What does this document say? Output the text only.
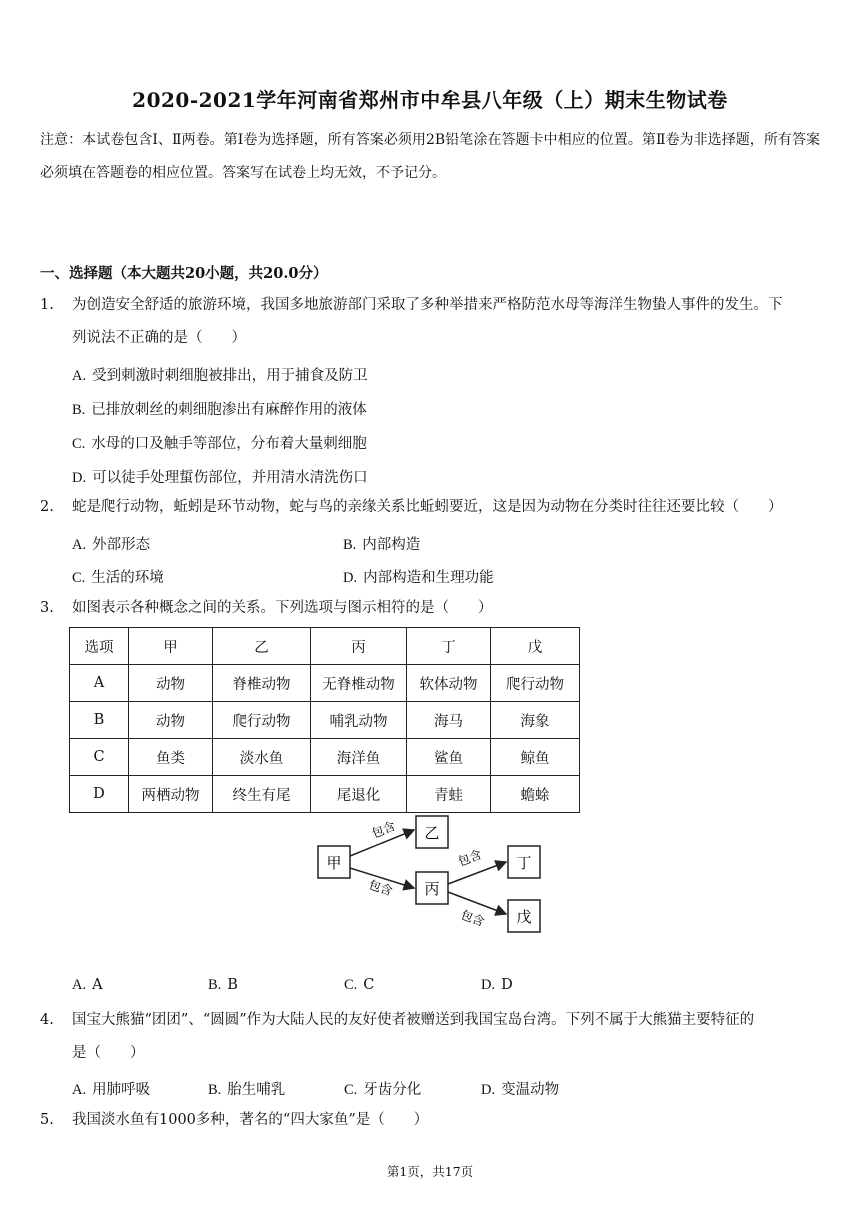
2020-2021学年河南省郑州市中牟县八年级（上）期末生物试卷
注意：本试卷包含Ⅰ、Ⅱ两卷。第Ⅰ卷为选择题，所有答案必须用2B铅笔涂在答题卡中相应的位置。第Ⅱ卷为非选择题，所有答案必须填在答题卷的相应位置。答案写在试卷上均无效，不予记分。
一、选择题（本大题共20小题，共20.0分）
1. 为创造安全舒适的旅游环境，我国多地旅游部门采取了多种举措来严格防范水母等海洋生物蛰人事件的发生。下
列说法不正确的是（　　）
A. 受到刺激时刺细胞被排出，用于捕食及防卫
B. 已排放刺丝的刺细胞渗出有麻醉作用的液体
C. 水母的口及触手等部位，分布着大量刺细胞
D. 可以徒手处理蜇伤部位，并用清水清洗伤口
2. 蛇是爬行动物，蚯蚓是环节动物，蛇与鸟的亲缘关系比蚯蚓要近，这是因为动物在分类时往往还要比较（　　）
A. 外部形态	B. 内部构造
C. 生活的环境	D. 内部构造和生理功能
3. 如图表示各种概念之间的关系。下列选项与图示相符的是（　　）
选项	甲	乙	丙	丁	戊
A	动物	脊椎动物	无脊椎动物	软体动物	爬行动物
B	动物	爬行动物	哺乳动物	海马	海象
C	鱼类	淡水鱼	海洋鱼	鲨鱼	鲸鱼
D	两栖动物	终生有尾	尾退化	青蛙	蟾蜍
甲
乙
丙
丁
戊
包含
包含
包含
包含
A. A	B. B	C. C	D. D
4. 国宝大熊猫“团团”、“圆圆”作为大陆人民的友好使者被赠送到我国宝岛台湾。下列不属于大熊猫主要特征的
是（　　）
A. 用肺呼吸	B. 胎生哺乳	C. 牙齿分化	D. 变温动物
5. 我国淡水鱼有1000多种，著名的“四大家鱼”是（　　）
第1页，共17页
